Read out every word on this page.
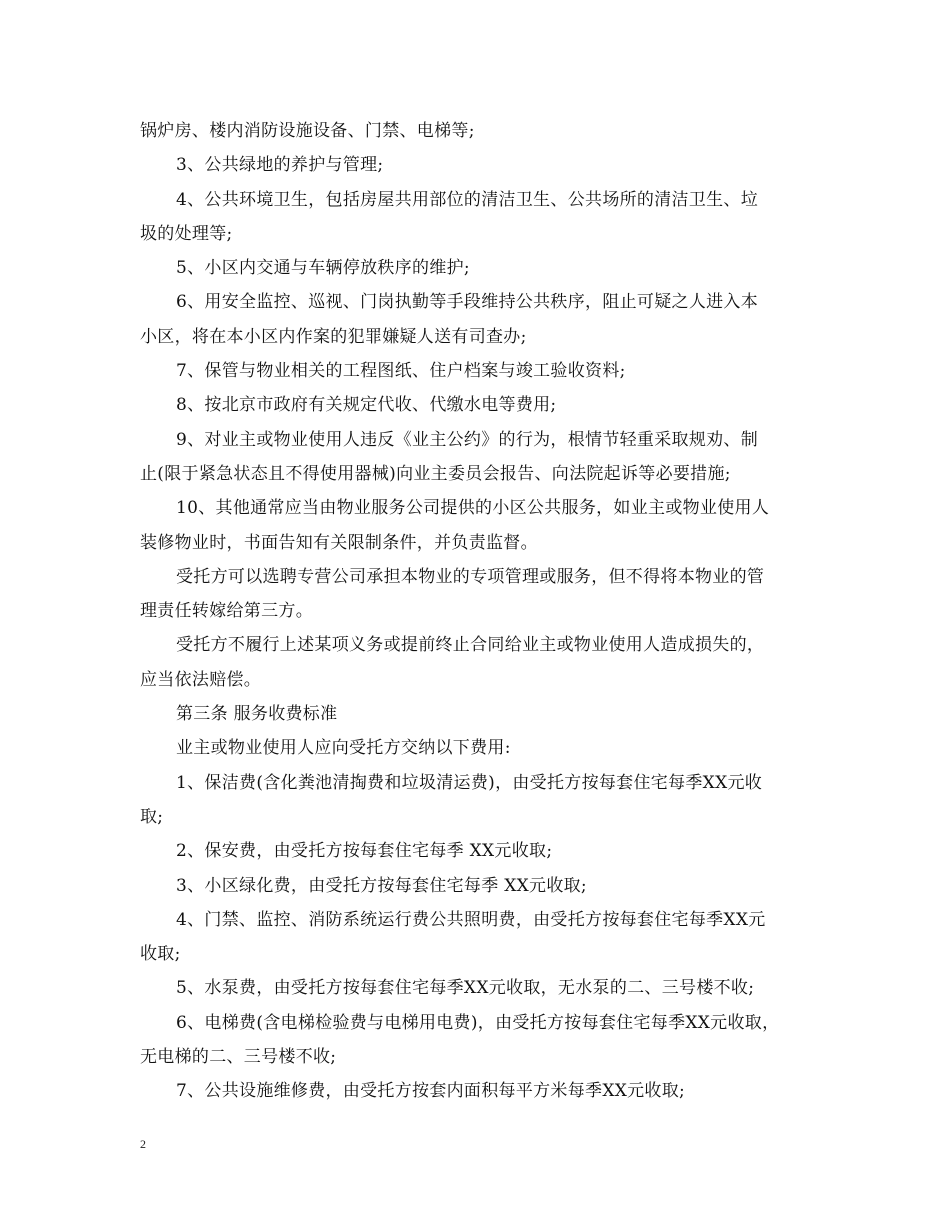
锅炉房、楼内消防设施设备、门禁、电梯等;
3、公共绿地的养护与管理;
4、公共环境卫生，包括房屋共用部位的清洁卫生、公共场所的清洁卫生、垃
圾的处理等;
5、小区内交通与车辆停放秩序的维护;
6、用安全监控、巡视、门岗执勤等手段维持公共秩序，阻止可疑之人进入本
小区，将在本小区内作案的犯罪嫌疑人送有司查办;
7、保管与物业相关的工程图纸、住户档案与竣工验收资料;
8、按北京市政府有关规定代收、代缴水电等费用;
9、对业主或物业使用人违反《业主公约》的行为，根情节轻重采取规劝、制
止(限于紧急状态且不得使用器械)向业主委员会报告、向法院起诉等必要措施;
10、其他通常应当由物业服务公司提供的小区公共服务，如业主或物业使用人
装修物业时，书面告知有关限制条件，并负责监督。
受托方可以选聘专营公司承担本物业的专项管理或服务，但不得将本物业的管
理责任转嫁给第三方。
受托方不履行上述某项义务或提前终止合同给业主或物业使用人造成损失的，
应当依法赔偿。
第三条 服务收费标准
业主或物业使用人应向受托方交纳以下费用:
1、保洁费(含化粪池清掏费和垃圾清运费)，由受托方按每套住宅每季XX元收
取;
2、保安费，由受托方按每套住宅每季 XX元收取;
3、小区绿化费，由受托方按每套住宅每季 XX元收取;
4、门禁、监控、消防系统运行费公共照明费，由受托方按每套住宅每季XX元
收取;
5、水泵费，由受托方按每套住宅每季XX元收取，无水泵的二、三号楼不收;
6、电梯费(含电梯检验费与电梯用电费)，由受托方按每套住宅每季XX元收取，
无电梯的二、三号楼不收;
7、公共设施维修费，由受托方按套内面积每平方米每季XX元收取;
2
